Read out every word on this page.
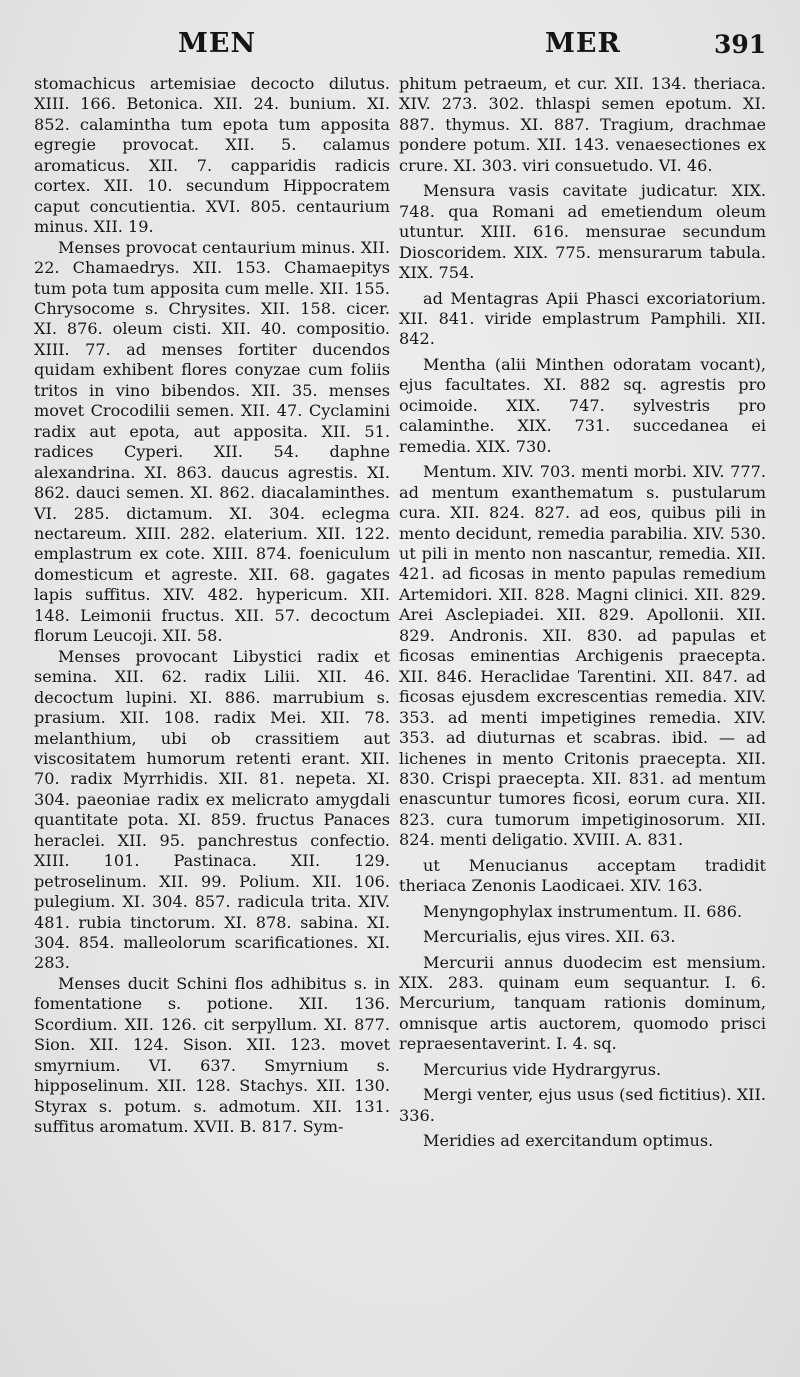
MEN	MER	391

stomachicus artemisiae decocto dilutus. XIII. 166. Betonica. XII. 24. bunium. XI. 852. calamintha tum epota tum apposita egregie provocat. XII. 5. calamus aromaticus. XII. 7. capparidis radicis cortex. XII. 10. secundum Hippocratem caput concutientia. XVI. 805. centaurium minus. XII. 19.

Menses provocat centaurium minus. XII. 22. Chamaedrys. XII. 153. Chamaepitys tum pota tum apposita cum melle. XII. 155. Chrysocome s. Chrysites. XII. 158. cicer. XI. 876. oleum cisti. XII. 40. compositio. XIII. 77. ad menses fortiter ducendos quidam exhibent flores conyzae cum foliis tritos in vino bibendos. XII. 35. menses movet Crocodilii semen. XII. 47. Cyclamini radix aut epota, aut apposita. XII. 51. radices Cyperi. XII. 54. daphne alexandrina. XI. 863. daucus agrestis. XI. 862. dauci semen. XI. 862. diacalaminthes. VI. 285. dictamum. XI. 304. eclegma nectareum. XIII. 282. elaterium. XII. 122. emplastrum ex cote. XIII. 874. foeniculum domesticum et agreste. XII. 68. gagates lapis suffitus. XIV. 482. hypericum. XII. 148. Leimonii fructus. XII. 57. decoctum florum Leucoji. XII. 58.

Menses provocant Libystici radix et semina. XII. 62. radix Lilii. XII. 46. decoctum lupini. XI. 886. marrubium s. prasium. XII. 108. radix Mei. XII. 78. melanthium, ubi ob crassitiem aut viscositatem humorum retenti erant. XII. 70. radix Myrrhidis. XII. 81. nepeta. XI. 304. paeoniae radix ex melicrato amygdali quantitate pota. XI. 859. fructus Panaces heraclei. XII. 95. panchrestus confectio. XIII. 101. Pastinaca. XII. 129. petroselinum. XII. 99. Polium. XII. 106. pulegium. XI. 304. 857. radicula trita. XIV. 481. rubia tinctorum. XI. 878. sabina. XI. 304. 854. malleolorum scarificationes. XI. 283.

Menses ducit Schini flos adhibitus s. in fomentatione s. potione. XII. 136. Scordium. XII. 126. cit serpyllum. XI. 877. Sion. XII. 124. Sison. XII. 123. movet smyrnium. VI. 637. Smyrnium s. hipposelinum. XII. 128. Stachys. XII. 130. Styrax s. potum. s. admotum. XII. 131. suffitus aromatum. XVII. B. 817. Sym-

phitum petraeum, et cur. XII. 134. theriaca. XIV. 273. 302. thlaspi semen epotum. XI. 887. thymus. XI. 887. Tragium, drachmae pondere potum. XII. 143. venaesectiones ex crure. XI. 303. viri consuetudo. VI. 46.

Mensura vasis cavitate judicatur. XIX. 748. qua Romani ad emetiendum oleum utuntur. XIII. 616. mensurae secundum Dioscoridem. XIX. 775. mensurarum tabula. XIX. 754.

ad Mentagras Apii Phasci excoriatorium. XII. 841. viride emplastrum Pamphili. XII. 842.

Mentha (alii Minthen odoratam vocant), ejus facultates. XI. 882 sq. agrestis pro ocimoide. XIX. 747. sylvestris pro calaminthe. XIX. 731. succedanea ei remedia. XIX. 730.

Mentum. XIV. 703. menti morbi. XIV. 777. ad mentum exanthematum s. pustularum cura. XII. 824. 827. ad eos, quibus pili in mento decidunt, remedia parabilia. XIV. 530. ut pili in mento non nascantur, remedia. XII. 421. ad ficosas in mento papulas remedium Artemidori. XII. 828. Magni clinici. XII. 829. Arei Asclepiadei. XII. 829. Apollonii. XII. 829. Andronis. XII. 830. ad papulas et ficosas eminentias Archigenis praecepta. XII. 846. Heraclidae Tarentini. XII. 847. ad ficosas ejusdem excrescentias remedia. XIV. 353. ad menti impetigines remedia. XIV. 353. ad diuturnas et scabras. ibid. — ad lichenes in mento Critonis praecepta. XII. 830. Crispi praecepta. XII. 831. ad mentum enascuntur tumores ficosi, eorum cura. XII. 823. cura tumorum impetiginosorum. XII. 824. menti deligatio. XVIII. A. 831.

ut Menucianus acceptam tradidit theriaca Zenonis Laodicaei. XIV. 163.

Menyngophylax instrumentum. II. 686.

Mercurialis, ejus vires. XII. 63.

Mercurii annus duodecim est mensium. XIX. 283. quinam eum sequantur. I. 6. Mercurium, tanquam rationis dominum, omnisque artis auctorem, quomodo prisci repraesentaverint. I. 4. sq.

Mercurius vide Hydrargyrus.

Mergi venter, ejus usus (sed fictitius). XII. 336.

Meridies ad exercitandum optimus.
